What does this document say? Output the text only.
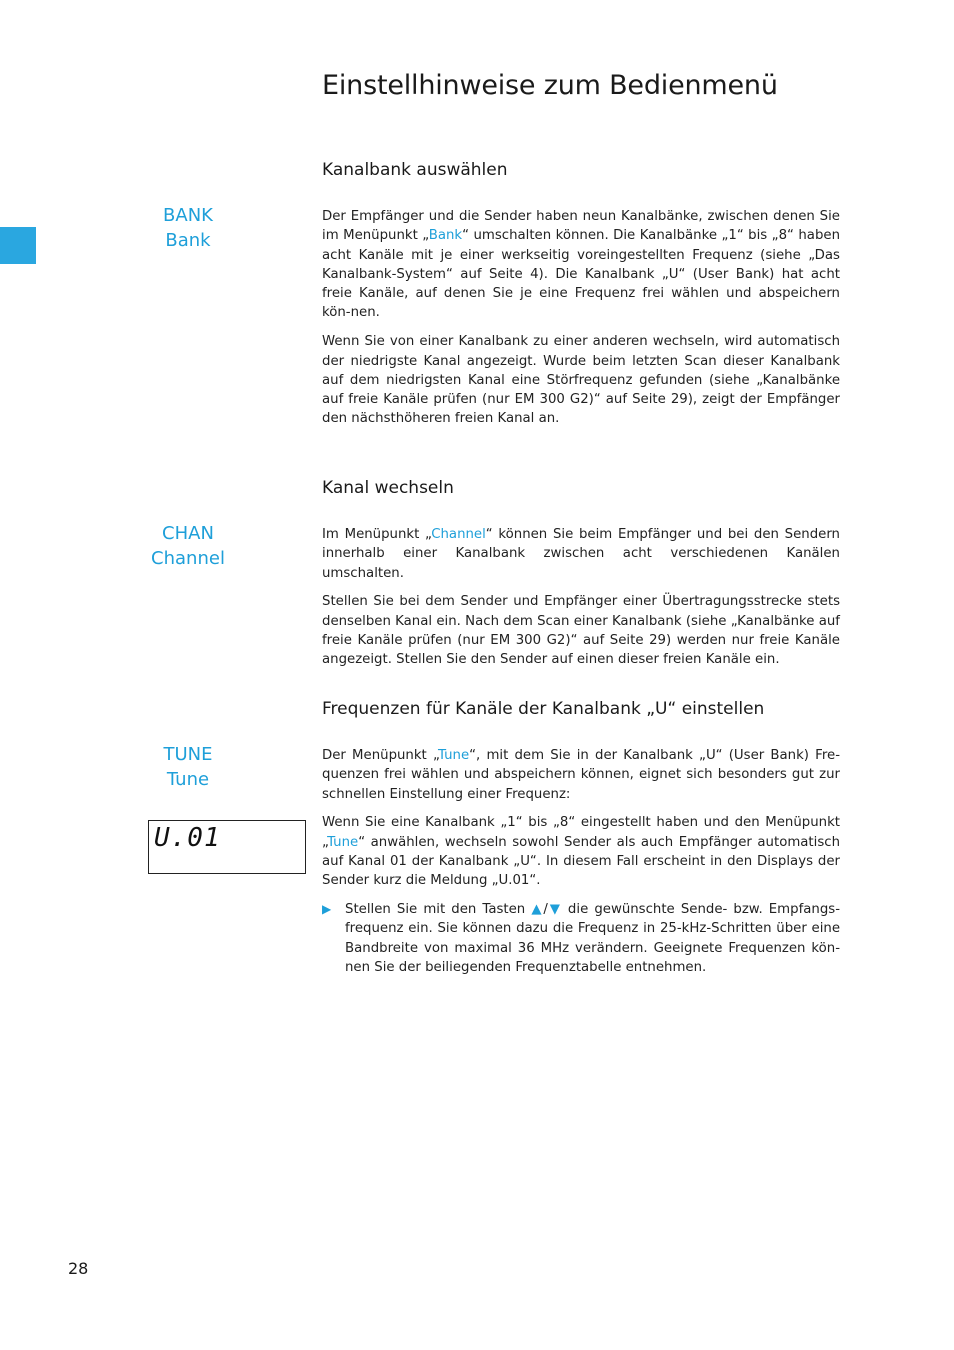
Einstellhinweise zum Bedienmenü
Kanalbank auswählen
BANK
Bank

Der Empfänger und die Sender haben neun Kanalbänke, zwischen denen Sie im Menüpunkt „Bank“ umschalten können. Die Kanalbänke „1“ bis „8“ haben acht Kanäle mit je einer werkseitig voreingestellten Frequenz (siehe „Das Kanalbank-System“ auf Seite 4). Die Kanalbank „U“ (User Bank) hat acht freie Kanäle, auf denen Sie je eine Frequenz frei wählen und abspeichern kön-nen.

Wenn Sie von einer Kanalbank zu einer anderen wechseln, wird automatisch der niedrigste Kanal angezeigt. Wurde beim letzten Scan dieser Kanalbank auf dem niedrigsten Kanal eine Störfrequenz gefunden (siehe „Kanalbänke auf freie Kanäle prüfen (nur EM 300 G2)“ auf Seite 29), zeigt der Empfänger den nächsthöheren freien Kanal an.

Kanal wechseln
CHAN
Channel

Im Menüpunkt „Channel“ können Sie beim Empfänger und bei den Sendern innerhalb einer Kanalbank zwischen acht verschiedenen Kanälen umschalten.

Stellen Sie bei dem Sender und Empfänger einer Übertragungsstrecke stets denselben Kanal ein. Nach dem Scan einer Kanalbank (siehe „Kanalbänke auf freie Kanäle prüfen (nur EM 300 G2)“ auf Seite 29) werden nur freie Kanäle angezeigt. Stellen Sie den Sender auf einen dieser freien Kanäle ein.

Frequenzen für Kanäle der Kanalbank „U“ einstellen
TUNE
Tune
U.01

Der Menüpunkt „Tune“, mit dem Sie in der Kanalbank „U“ (User Bank) Fre-quenzen frei wählen und abspeichern können, eignet sich besonders gut zur schnellen Einstellung einer Frequenz:

Wenn Sie eine Kanalbank „1“ bis „8“ eingestellt haben und den Menüpunkt „Tune“ anwählen, wechseln sowohl Sender als auch Empfänger automatisch auf Kanal 01 der Kanalbank „U“. In diesem Fall erscheint in den Displays der Sender kurz die Meldung „U.01“.

▶ Stellen Sie mit den Tasten ▲/▼ die gewünschte Sende- bzw. Empfangs-frequenz ein. Sie können dazu die Frequenz in 25-kHz-Schritten über eine Bandbreite von maximal 36 MHz verändern. Geeignete Frequenzen kön-nen Sie der beiliegenden Frequenztabelle entnehmen.

28
